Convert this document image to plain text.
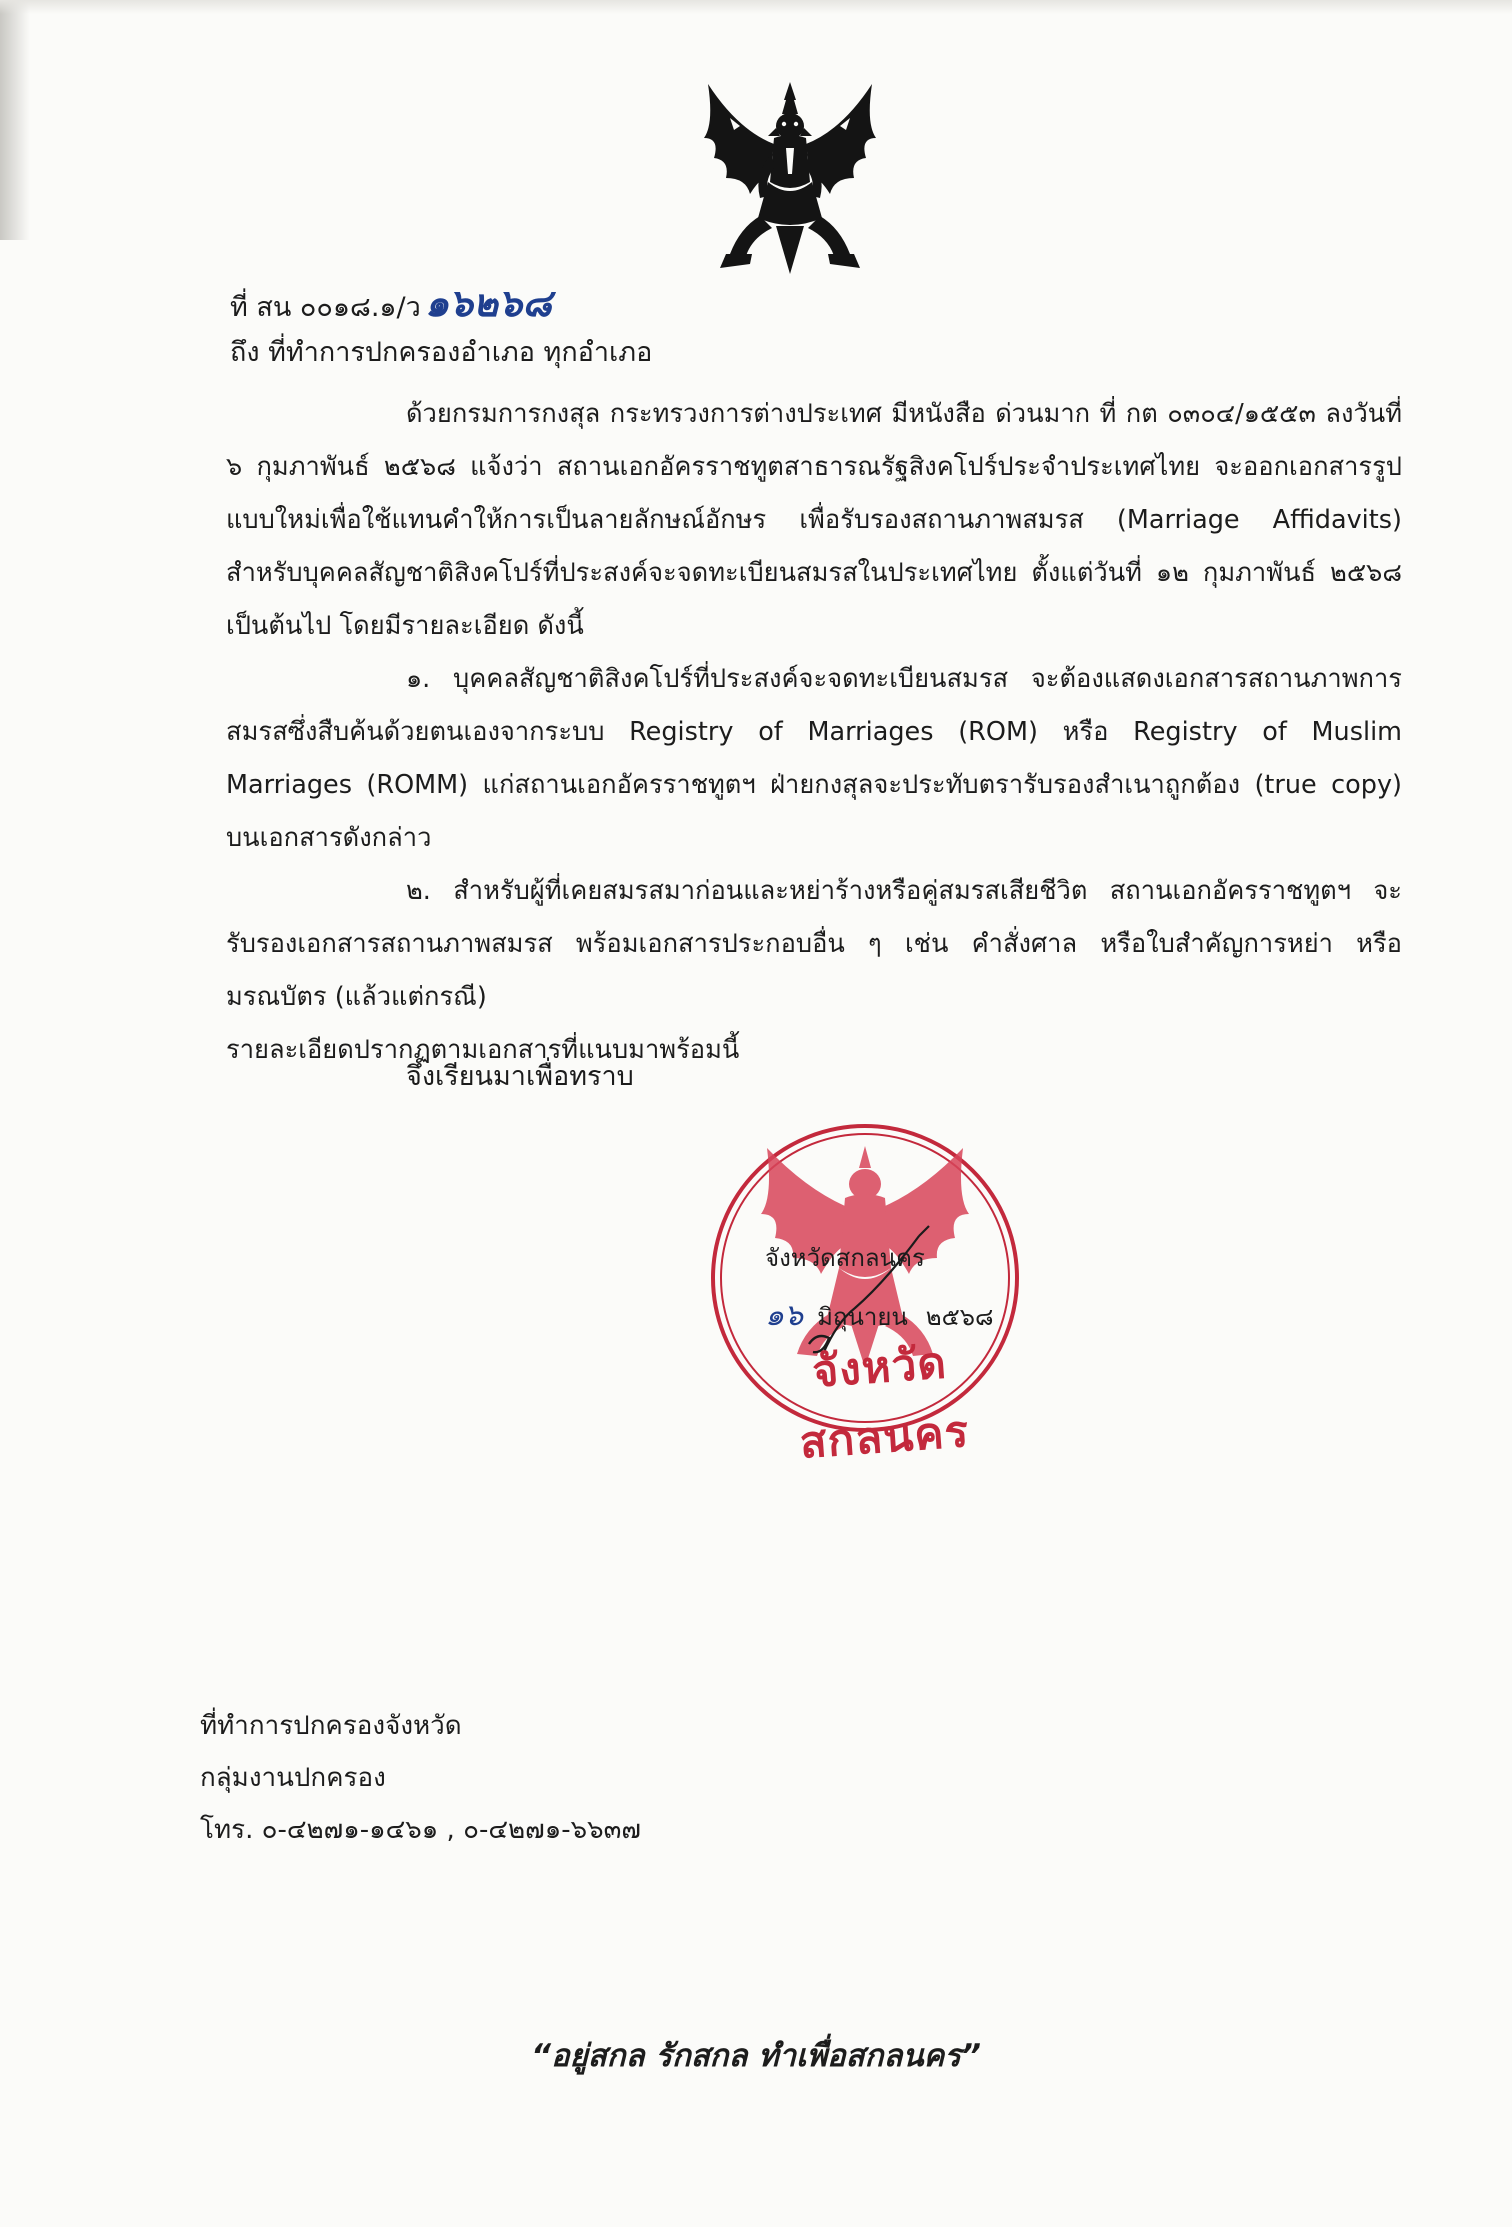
ที่ สน ๐๐๑๘.๑/ว ๑๖๒๖๘
ถึง ที่ทำการปกครองอำเภอ ทุกอำเภอ

ด้วยกรมการกงสุล กระทรวงการต่างประเทศ มีหนังสือ ด่วนมาก ที่ กต ๐๓๐๔/๑๕๕๓ ลงวันที่ ๖ กุมภาพันธ์ ๒๕๖๘ แจ้งว่า สถานเอกอัครราชทูตสาธารณรัฐสิงคโปร์ประจำประเทศไทย จะออกเอกสารรูปแบบใหม่เพื่อใช้แทนคำให้การเป็นลายลักษณ์อักษร เพื่อรับรองสถานภาพสมรส (Marriage Affidavits) สำหรับบุคคลสัญชาติสิงคโปร์ที่ประสงค์จะจดทะเบียนสมรสในประเทศไทย ตั้งแต่วันที่ ๑๒ กุมภาพันธ์ ๒๕๖๘ เป็นต้นไป โดยมีรายละเอียด ดังนี้

๑. บุคคลสัญชาติสิงคโปร์ที่ประสงค์จะจดทะเบียนสมรส จะต้องแสดงเอกสารสถานภาพการสมรสซึ่งสืบค้นด้วยตนเองจากระบบ Registry of Marriages (ROM) หรือ Registry of Muslim Marriages (ROMM) แก่สถานเอกอัครราชทูตฯ ฝ่ายกงสุลจะประทับตรารับรองสำเนาถูกต้อง (true copy) บนเอกสารดังกล่าว

๒. สำหรับผู้ที่เคยสมรสมาก่อนและหย่าร้างหรือคู่สมรสเสียชีวิต สถานเอกอัครราชทูตฯ จะรับรองเอกสารสถานภาพสมรส พร้อมเอกสารประกอบอื่น ๆ เช่น คำสั่งศาล หรือใบสำคัญการหย่า หรือมรณบัตร (แล้วแต่กรณี)

รายละเอียดปรากฏตามเอกสารที่แนบมาพร้อมนี้

จึงเรียนมาเพื่อทราบ
จังหวัดสกลนคร
๑๖ มิถุนายน ๒๕๖๘
จังหวัดสกลนคร
ที่ทำการปกครองจังหวัด
กลุ่มงานปกครอง
โทร. ๐-๔๒๗๑-๑๔๖๑ , ๐-๔๒๗๑-๖๖๓๗
“อยู่สกล รักสกล ทำเพื่อสกลนคร”
